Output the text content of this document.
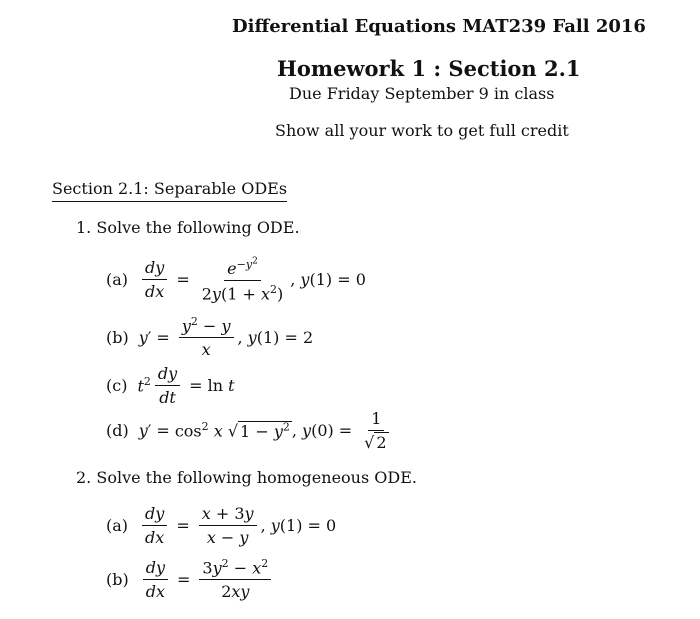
Differential Equations MAT239 Fall 2016
Homework 1 : Section 2.1
Due Friday September 9 in class
Show all your work to get full credit
Section 2.1: Separable ODEs
1. Solve the following ODE.
$(a) \frac{dy}{dx} = \frac{e^{-y^2}}{2y(1 + x^2)}$ , y(1) = 0
(b) $y' = \frac{y^2 - y}{x}$ , y(1) = 2
(c) $t^2 \frac{dy}{dt} = \ln t$
(d) $y' = \cos^2 x$ √ $1 - y^2$ , $y(0) = \frac{1}{√ 2}$
2. Solve the following homogeneous ODE.
$(a) \frac{dy}{dx} = \frac{x + 3y}{x - y}$ , y(1) = 0
$(b) \frac{dy}{dx} = \frac{3y^2 - x^2}{2xy}$
